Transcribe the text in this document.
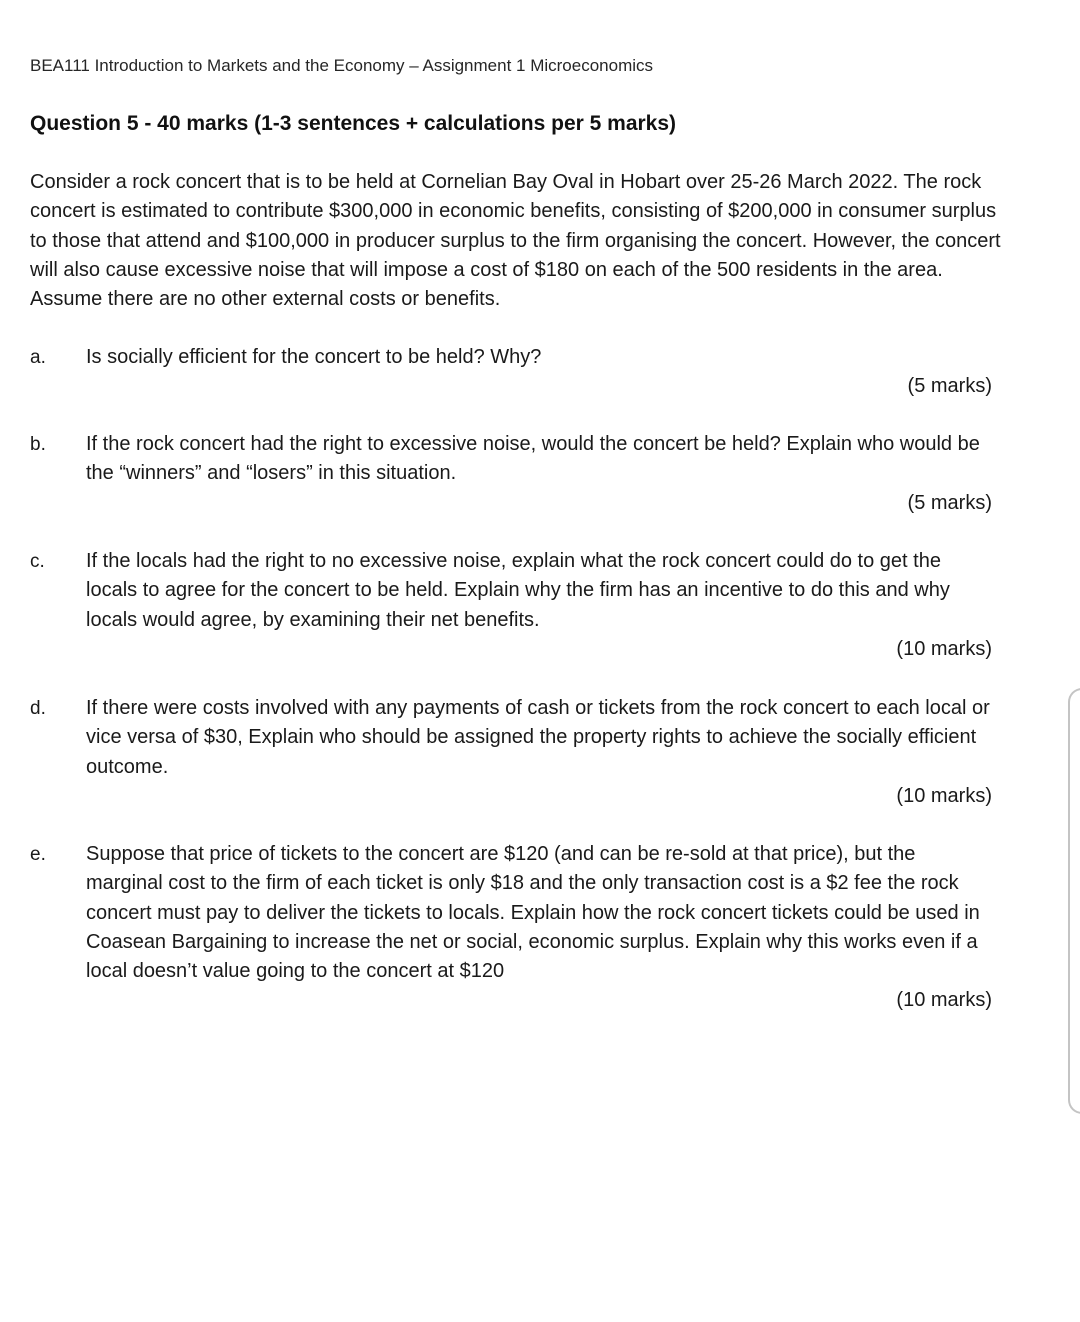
BEA111 Introduction to Markets and the Economy – Assignment 1 Microeconomics
Question 5 - 40 marks (1-3 sentences + calculations per 5 marks)
Consider a rock concert that is to be held at Cornelian Bay Oval in Hobart over 25-26 March 2022. The rock concert is estimated to contribute $300,000 in economic benefits, consisting of $200,000 in consumer surplus to those that attend and $100,000 in producer surplus to the firm organising the concert. However, the concert will also cause excessive noise that will impose a cost of $180 on each of the 500 residents in the area. Assume there are no other external costs or benefits.
a. Is socially efficient for the concert to be held? Why?
(5 marks)
b. If the rock concert had the right to excessive noise, would the concert be held? Explain who would be the “winners” and “losers” in this situation.
(5 marks)
c. If the locals had the right to no excessive noise, explain what the rock concert could do to get the locals to agree for the concert to be held. Explain why the firm has an incentive to do this and why locals would agree, by examining their net benefits.
(10 marks)
d. If there were costs involved with any payments of cash or tickets from the rock concert to each local or vice versa of $30, Explain who should be assigned the property rights to achieve the socially efficient outcome.
(10 marks)
e. Suppose that price of tickets to the concert are $120 (and can be re-sold at that price), but the marginal cost to the firm of each ticket is only $18 and the only transaction cost is a $2 fee the rock concert must pay to deliver the tickets to locals. Explain how the rock concert tickets could be used in Coasean Bargaining to increase the net or social, economic surplus. Explain why this works even if a local doesn’t value going to the concert at $120
(10 marks)
